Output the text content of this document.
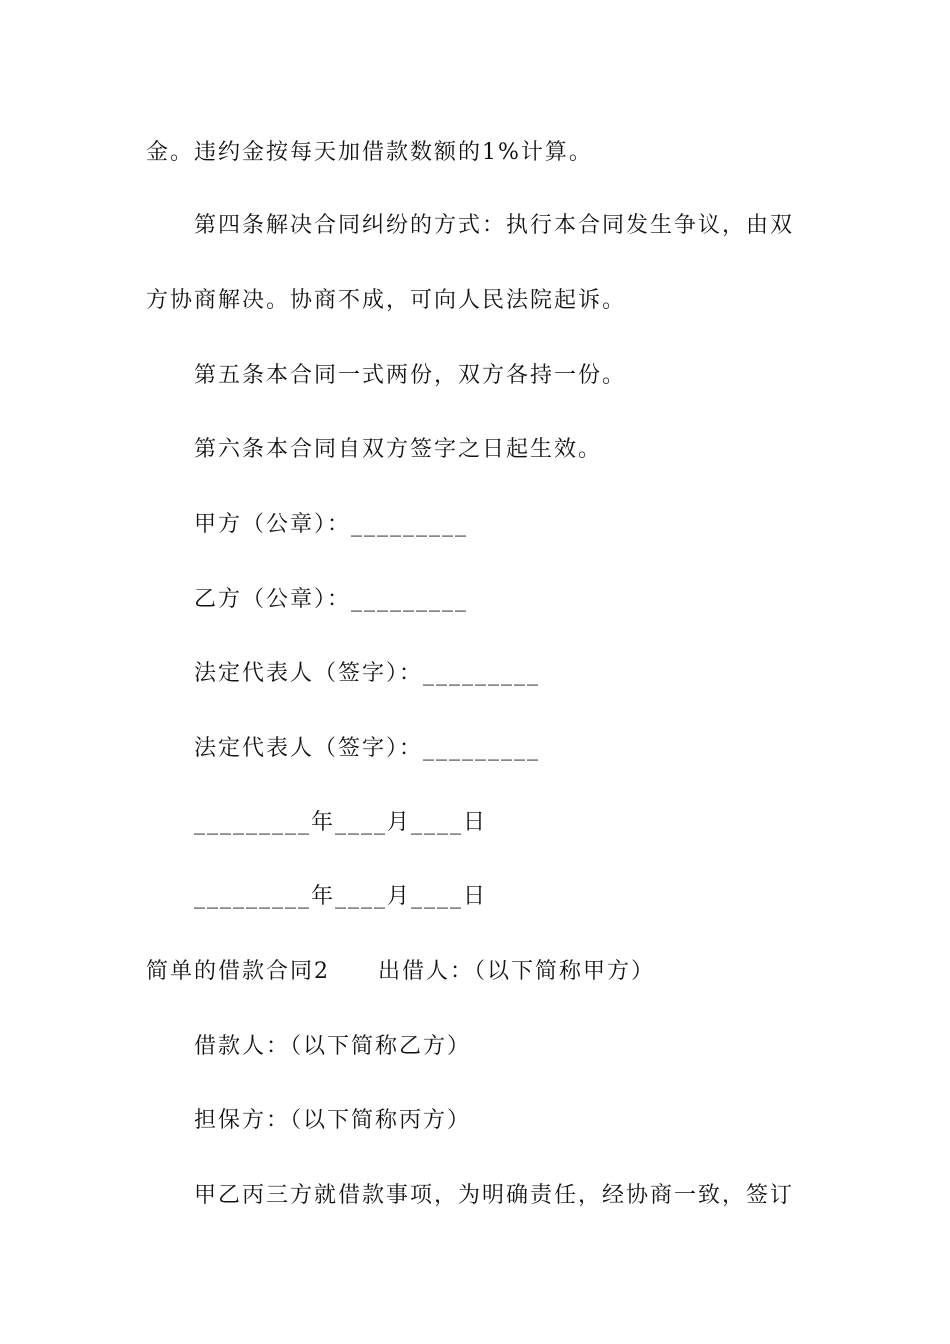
金。违约金按每天加借款数额的1%计算。
第四条解决合同纠纷的方式：执行本合同发生争议，由双
方协商解决。协商不成，可向人民法院起诉。
第五条本合同一式两份，双方各持一份。
第六条本合同自双方签字之日起生效。
甲方（公章）：_________
乙方（公章）：_________
法定代表人（签字）：_________
法定代表人（签字）：_________
_________年____月____日
_________年____月____日
简单的借款合同2　　出借人：（以下简称甲方）
借款人：（以下简称乙方）
担保方：（以下简称丙方）
甲乙丙三方就借款事项，为明确责任，经协商一致，签订
